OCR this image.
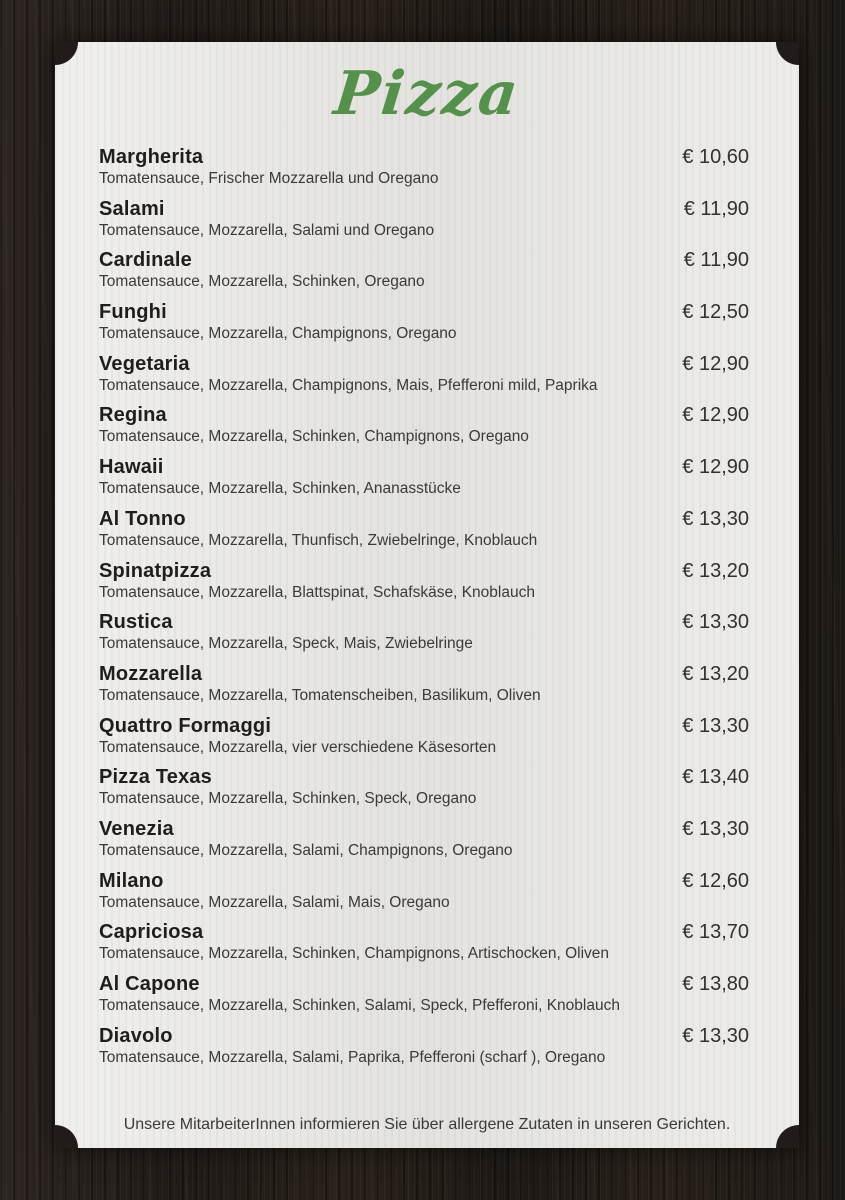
Pizza
Margherita	€ 10,60
Tomatensauce, Frischer Mozzarella und Oregano
Salami	€ 11,90
Tomatensauce, Mozzarella, Salami und Oregano
Cardinale	€ 11,90
Tomatensauce, Mozzarella, Schinken, Oregano
Funghi	€ 12,50
Tomatensauce, Mozzarella, Champignons, Oregano
Vegetaria	€ 12,90
Tomatensauce, Mozzarella, Champignons, Mais, Pfefferoni mild, Paprika
Regina	€ 12,90
Tomatensauce, Mozzarella, Schinken, Champignons, Oregano
Hawaii	€ 12,90
Tomatensauce, Mozzarella, Schinken, Ananasstücke
Al Tonno	€ 13,30
Tomatensauce, Mozzarella, Thunfisch, Zwiebelringe, Knoblauch
Spinatpizza	€ 13,20
Tomatensauce, Mozzarella, Blattspinat, Schafskäse, Knoblauch
Rustica	€ 13,30
Tomatensauce, Mozzarella, Speck, Mais, Zwiebelringe
Mozzarella	€ 13,20
Tomatensauce, Mozzarella, Tomatenscheiben, Basilikum, Oliven
Quattro Formaggi	€ 13,30
Tomatensauce, Mozzarella, vier verschiedene Käsesorten
Pizza Texas	€ 13,40
Tomatensauce, Mozzarella, Schinken, Speck, Oregano
Venezia	€ 13,30
Tomatensauce, Mozzarella, Salami, Champignons, Oregano
Milano	€ 12,60
Tomatensauce, Mozzarella, Salami, Mais, Oregano
Capriciosa	€ 13,70
Tomatensauce, Mozzarella, Schinken, Champignons, Artischocken, Oliven
Al Capone	€ 13,80
Tomatensauce, Mozzarella, Schinken, Salami, Speck, Pfefferoni, Knoblauch
Diavolo	€ 13,30
Tomatensauce, Mozzarella, Salami, Paprika, Pfefferoni (scharf ), Oregano
Unsere MitarbeiterInnen informieren Sie über allergene Zutaten in unseren Gerichten.
